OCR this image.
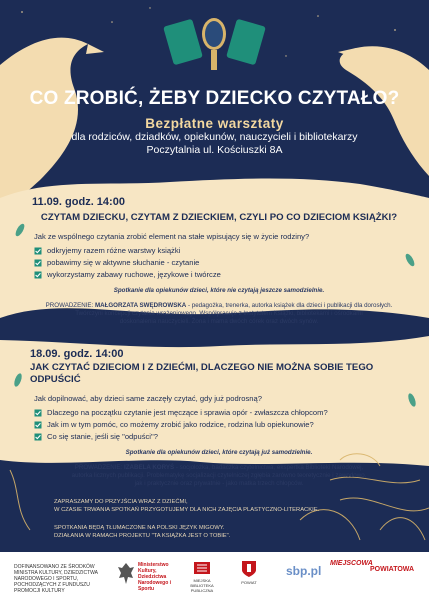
CO ZROBIĆ, ŻEBY DZIECKO CZYTAŁO?

Bezpłatne warsztaty
dla rodziców, dziadków, opiekunów, nauczycieli i bibliotekarzy
Poczytalnia ul. Kościuszki 8A
11.09. godz. 14:00
CZYTAM DZIECKU, CZYTAM Z DZIECKIEM, CZYLI PO CO DZIECIOM KSIĄŻKI?
Jak ze wspólnego czytania zrobić element na stałe wpisujący się w życie rodziny?
odkryjemy razem różne warstwy książki
pobawimy się w aktywne słuchanie - czytanie
wykorzystamy zabawy ruchowe, językowe i twórcze
Spotkanie dla opiekunów dzieci, które nie czytają jeszcze samodzielnie.
PROWADZENIE: MAŁGORZATA SWĘDROWSKA - pedagożka, trenerka, autorka książek dla dzieci i publikacji dla dorosłych.
Twórczyni koncepcji czytania wrażeniowego. Współpracuje z Instytutem Książki, bibliotekami i ośrodkami
doskonalenia nauczycieli. Żona i mama dwóch córek oraz dwóch synów.
18.09. godz. 14:00
JAK CZYTAĆ DZIECIOM I Z DZIEĆMI, DLACZEGO NIE MOŻNA SOBIE TEGO ODPUŚCIĆ
Jak dopilnować, aby dzieci same zaczęły czytać, gdy już podrosną?
Dlaczego na początku czytanie jest męczące i sprawia opór - zwłaszcza chłopcom?
Jak im w tym pomóc, co możemy zrobić jako rodzice, rodzina lub opiekunowie?
Co się stanie, jeśli się "odpuści"?
Spotkanie dla opiekunów dzieci, które czytają już samodzielnie.
PROWADZENIE: IZABELA KORYŚ - socjolożka, badaczka czytelnictwa, ekspertka Biblioteki Narodowej,
autorka licznych publikacji. Problematykę socjalizacji czytelniczej zgłębia zarówno teoretycznie i zawodowo,
jak i praktycznie oraz prywatnie - jako matka trzech chłopców.
ZAPRASZAMY DO PRZYJŚCIA WRAZ Z DZIEĆMI,
W CZASIE TRWANIA SPOTKAŃ PRZYGOTUJEMY DLA NICH ZAJĘCIA PLASTYCZNO-LITERACKIE.
SPOTKANIA BĘDĄ TŁUMACZONE NA POLSKI JĘZYK MIGOWY.
DZIAŁANIA W RAMACH PROJEKTU "TA KSIĄŻKA JEST O TOBIE".
DOFINANSOWANO ZE ŚRODKÓW MINISTRA KULTURY, DZIEDZICTWA NARODOWEGO I SPORTU, POCHODZĄCYCH Z FUNDUSZU PROMOCJI KULTURY
Ministerstwo Kultury, Dziedzictwa Narodowego i Sportu
MIEJSKA BIBLIOTEKA PUBLICZNA
POWIAT
sbp.pl
MIEJSCOWA
POWIATOWA
